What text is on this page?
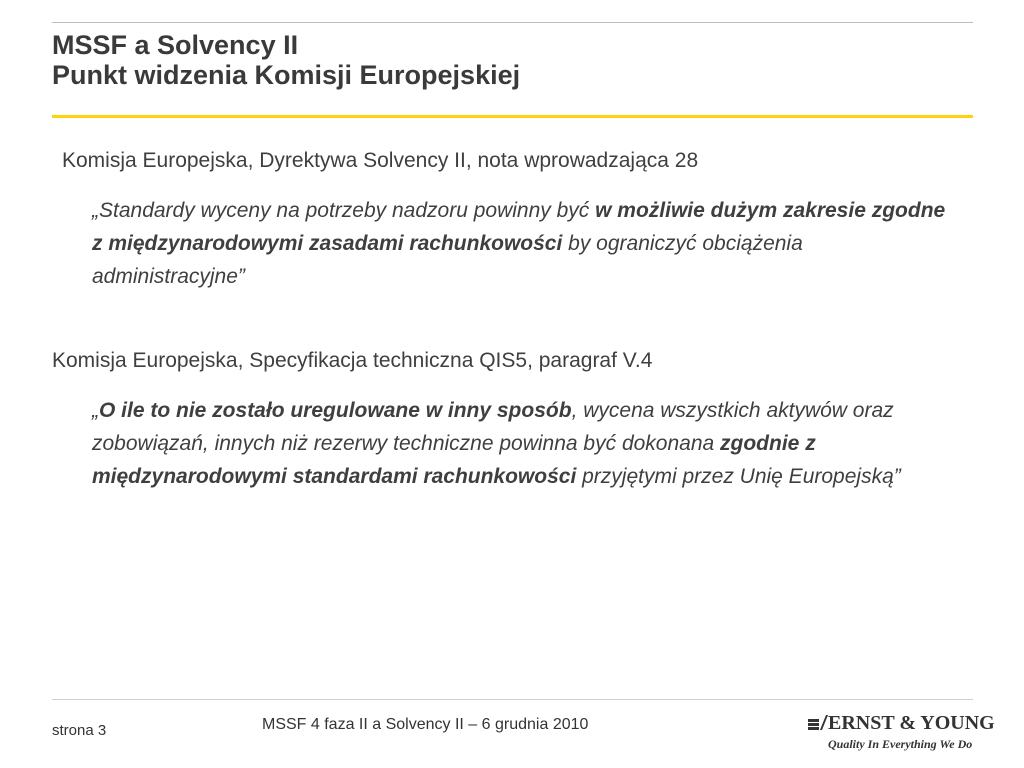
MSSF a Solvency II
Punkt widzenia Komisji Europejskiej

Komisja Europejska, Dyrektywa Solvency II, nota wprowadzająca 28

„Standardy wyceny na potrzeby nadzoru powinny być w możliwie dużym zakresie zgodne z międzynarodowymi zasadami rachunkowości by ograniczyć obciążenia administracyjne”

Komisja Europejska, Specyfikacja techniczna QIS5, paragraf V.4

„O ile to nie zostało uregulowane w inny sposób, wycena wszystkich aktywów oraz zobowiązań, innych niż rezerwy techniczne powinna być dokonana zgodnie z międzynarodowymi standardami rachunkowości przyjętymi przez Unię Europejską”

strona 3	MSSF 4 faza II a Solvency II – 6 grudnia 2010	ERNST & YOUNG
Quality In Everything We Do
